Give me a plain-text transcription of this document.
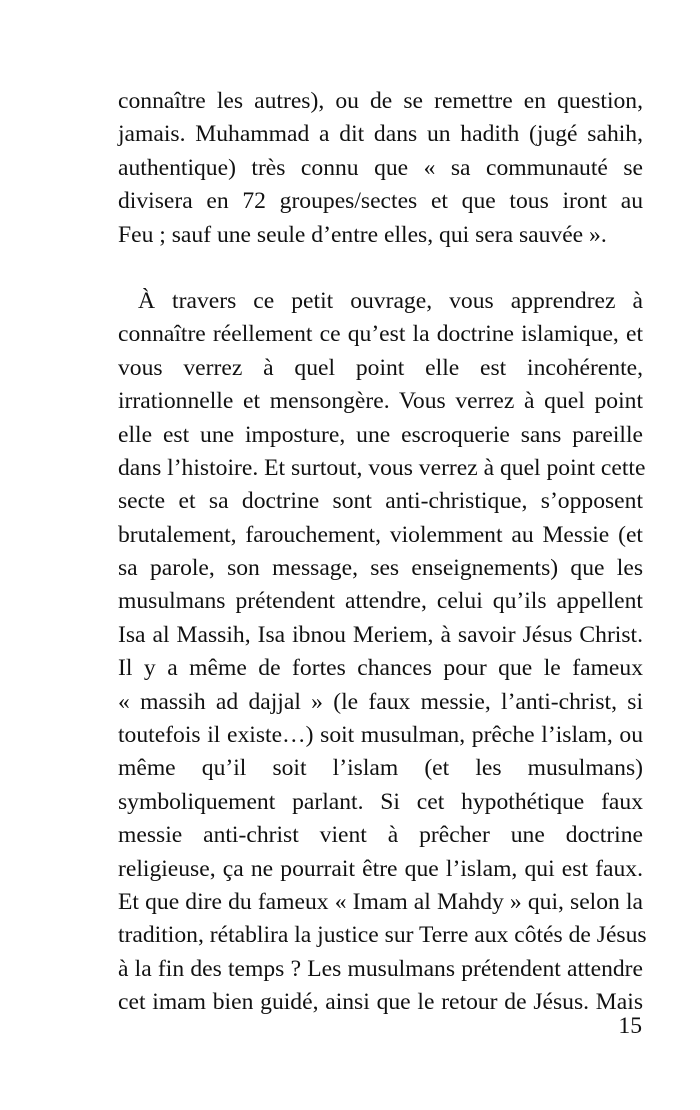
connaître les autres), ou de se remettre en question,
jamais. Muhammad a dit dans un hadith (jugé sahih,
authentique) très connu que « sa communauté se
divisera en 72 groupes/sectes et que tous iront au
Feu ; sauf une seule d’entre elles, qui sera sauvée ».

À travers ce petit ouvrage, vous apprendrez à
connaître réellement ce qu’est la doctrine islamique, et
vous verrez à quel point elle est incohérente,
irrationnelle et mensongère. Vous verrez à quel point
elle est une imposture, une escroquerie sans pareille
dans l’histoire. Et surtout, vous verrez à quel point cette
secte et sa doctrine sont anti-christique, s’opposent
brutalement, farouchement, violemment au Messie (et
sa parole, son message, ses enseignements) que les
musulmans prétendent attendre, celui qu’ils appellent
Isa al Massih, Isa ibnou Meriem, à savoir Jésus Christ.
Il y a même de fortes chances pour que le fameux
« massih ad dajjal » (le faux messie, l’anti-christ, si
toutefois il existe…) soit musulman, prêche l’islam, ou
même qu’il soit l’islam (et les musulmans)
symboliquement parlant. Si cet hypothétique faux
messie anti-christ vient à prêcher une doctrine
religieuse, ça ne pourrait être que l’islam, qui est faux.
Et que dire du fameux « Imam al Mahdy » qui, selon la
tradition, rétablira la justice sur Terre aux côtés de Jésus
à la fin des temps ? Les musulmans prétendent attendre
cet imam bien guidé, ainsi que le retour de Jésus. Mais

15
